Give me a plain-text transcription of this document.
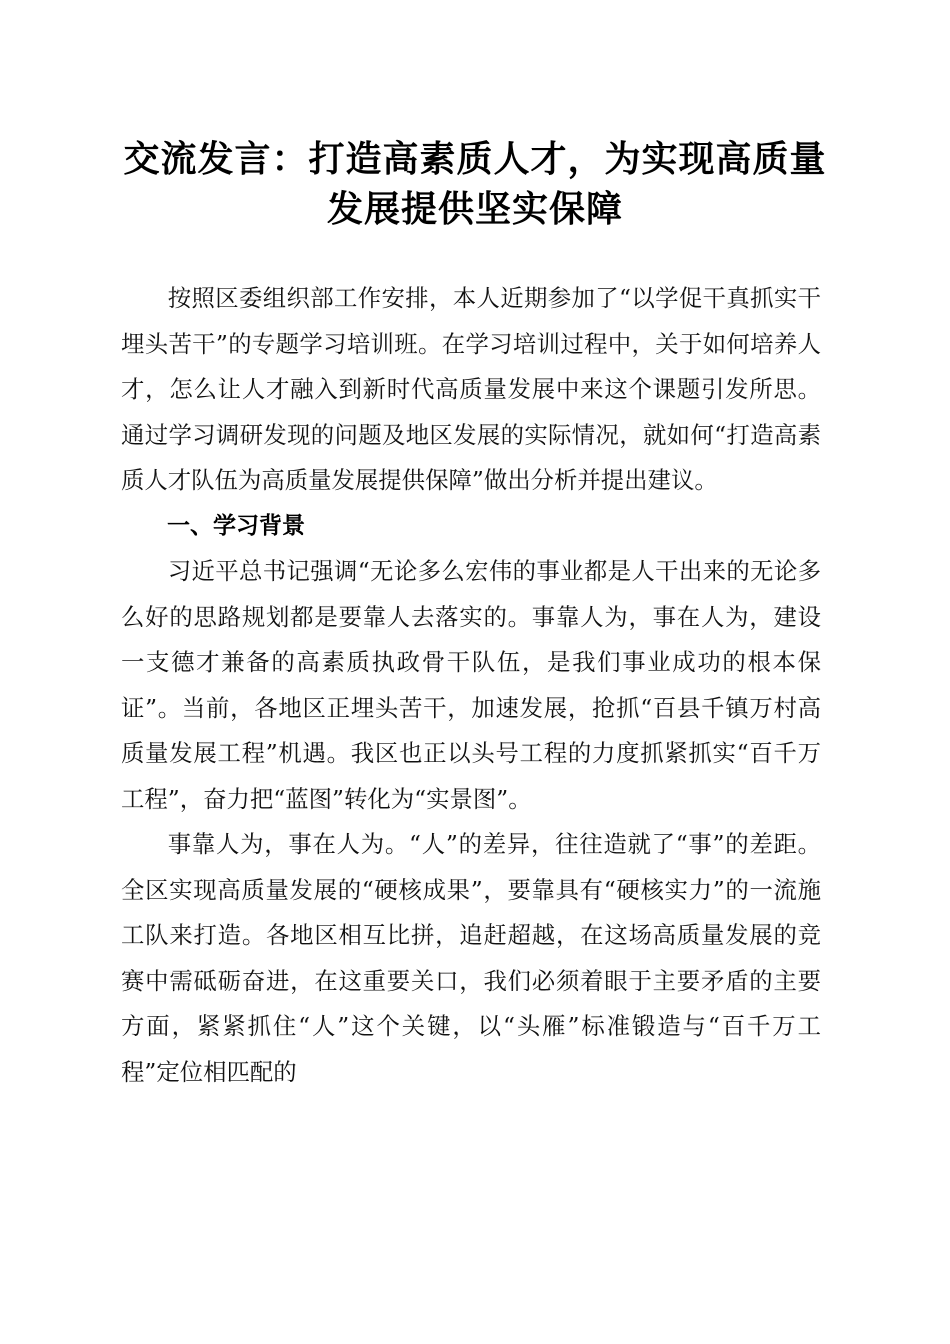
交流发言：打造高素质人才，为实现高质量发展提供坚实保障

按照区委组织部工作安排，本人近期参加了“以学促干真抓实干埋头苦干”的专题学习培训班。在学习培训过程中，关于如何培养人才，怎么让人才融入到新时代高质量发展中来这个课题引发所思。通过学习调研发现的问题及地区发展的实际情况，就如何“打造高素质人才队伍为高质量发展提供保障”做出分析并提出建议。

一、学习背景

习近平总书记强调“无论多么宏伟的事业都是人干出来的无论多么好的思路规划都是要靠人去落实的。事靠人为，事在人为，建设一支德才兼备的高素质执政骨干队伍，是我们事业成功的根本保证”。当前，各地区正埋头苦干，加速发展，抢抓“百县千镇万村高质量发展工程”机遇。我区也正以头号工程的力度抓紧抓实“百千万工程”，奋力把“蓝图”转化为“实景图”。

事靠人为，事在人为。“人”的差异，往往造就了“事”的差距。全区实现高质量发展的“硬核成果”，要靠具有“硬核实力”的一流施工队来打造。各地区相互比拼，追赶超越，在这场高质量发展的竞赛中需砥砺奋进，在这重要关口，我们必须着眼于主要矛盾的主要方面，紧紧抓住“人”这个关键，以“头雁”标准锻造与“百千万工程”定位相匹配的
